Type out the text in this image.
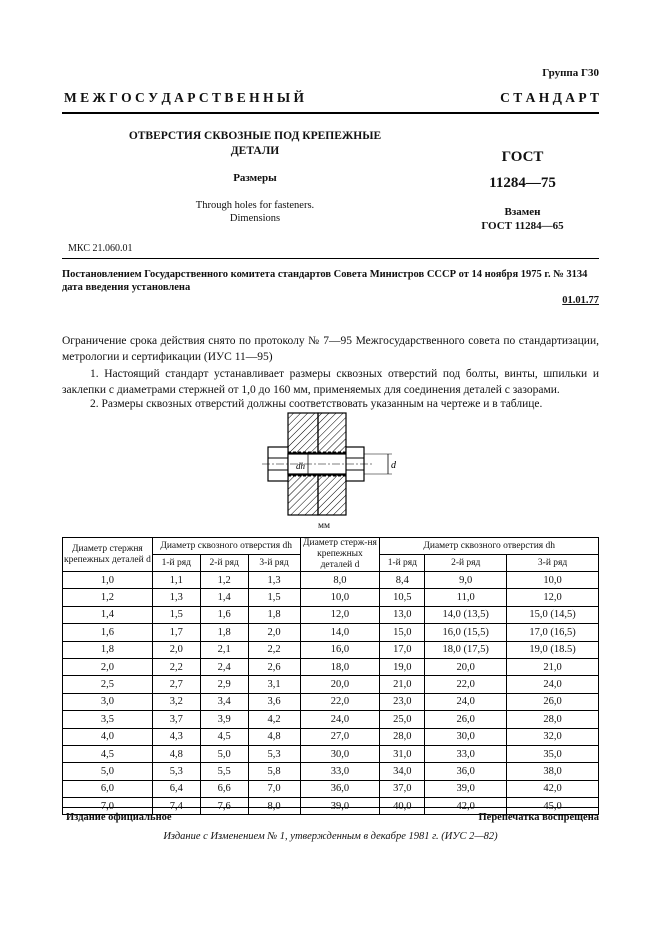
Группа Г30
М Е Ж Г О С У Д А Р С Т В Е Н Н Ы Й	С Т А Н Д А Р Т
ОТВЕРСТИЯ СКВОЗНЫЕ ПОД КРЕПЕЖНЫЕ
ДЕТАЛИ
Размеры
Through holes for fasteners.
Dimensions
ГОСТ
11284—75
Взамен
ГОСТ 11284—65
МКС 21.060.01
Постановлением Государственного комитета стандартов Совета Министров СССР от 14 ноября 1975 г. № 3134 дата введения установлена
01.01.77
Ограничение срока действия снято по протоколу № 7—95 Межгосударственного совета по стандартизации, метрологии и сертификации (ИУС 11—95)
1. Настоящий стандарт устанавливает размеры сквозных отверстий под болты, винты, шпильки и заклепки с диаметрами стержней от 1,0 до 160 мм, применяемых для соединения деталей с зазорами.
2. Размеры сквозных отверстий должны соответствовать указанным на чертеже и в таблице.
dh	d
мм
Диаметр стержня крепежных деталей d	Диаметр сквозного отверстия dh			Диаметр стерж-ня крепежных деталей d	Диаметр сквозного отверстия dh		
	1-й ряд	2-й ряд	3-й ряд		1-й ряд	2-й ряд	3-й ряд
1,0	1,1	1,2	1,3	8,0	8,4	9,0	10,0
1,2	1,3	1,4	1,5	10,0	10,5	11,0	12,0
1,4	1,5	1,6	1,8	12,0	13,0	14,0 (13,5)	15,0 (14,5)
1,6	1,7	1,8	2,0	14,0	15,0	16,0 (15,5)	17,0 (16,5)
1,8	2,0	2,1	2,2	16,0	17,0	18,0 (17,5)	19,0 (18.5)
2,0	2,2	2,4	2,6	18,0	19,0	20,0	21,0
2,5	2,7	2,9	3,1	20,0	21,0	22,0	24,0
3,0	3,2	3,4	3,6	22,0	23,0	24,0	26,0
3,5	3,7	3,9	4,2	24,0	25,0	26,0	28,0
4,0	4,3	4,5	4,8	27,0	28,0	30,0	32,0
4,5	4,8	5,0	5,3	30,0	31,0	33,0	35,0
5,0	5,3	5,5	5,8	33,0	34,0	36,0	38,0
6,0	6,4	6,6	7,0	36,0	37,0	39,0	42,0
7,0	7,4	7,6	8,0	39,0	40,0	42,0	45,0
Издание официальное	Перепечатка воспрещена
Издание с Изменением № 1, утвержденным в декабре 1981 г. (ИУС 2—82)
